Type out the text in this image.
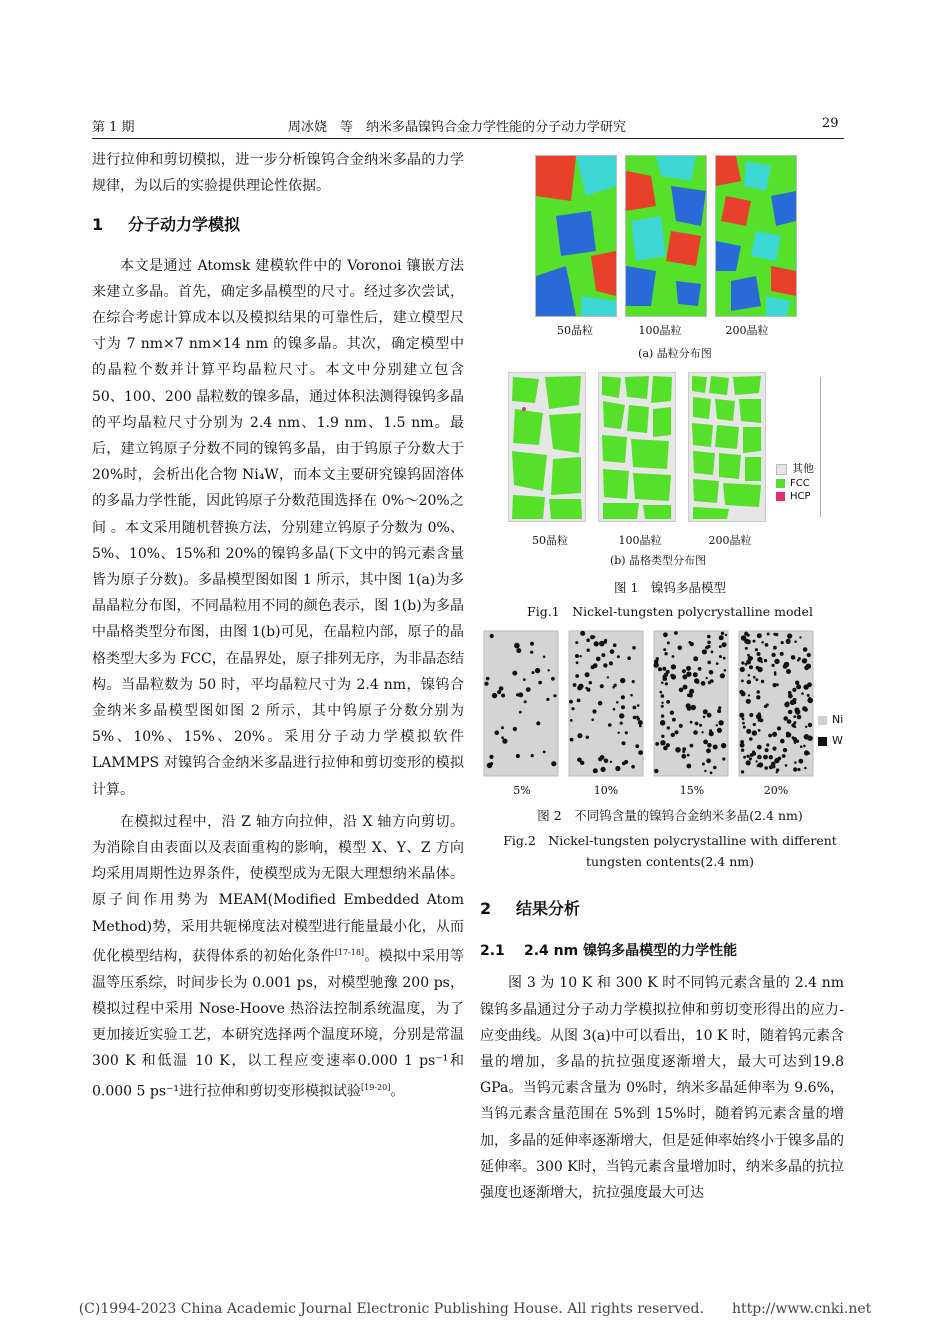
第 1 期	周冰娆　等　纳米多晶镍钨合金力学性能的分子动力学研究	29

进行拉伸和剪切模拟，进一步分析镍钨合金纳米多晶的力学规律，为以后的实验提供理论性依据。

1 分子动力学模拟

本文是通过 Atomsk 建模软件中的 Voronoi 镶嵌方法来建立多晶。首先，确定多晶模型的尺寸。经过多次尝试，在综合考虑计算成本以及模拟结果的可靠性后，建立模型尺寸为 7 nm×7 nm×14 nm 的镍多晶。其次，确定模型中的晶粒个数并计算平均晶粒尺寸。本文中分别建立包含 50、100、200 晶粒数的镍多晶，通过体积法测得镍钨多晶的平均晶粒尺寸分别为 2.4 nm、1.9 nm、1.5 nm。最后，建立钨原子分数不同的镍钨多晶，由于钨原子分数大于 20%时，会析出化合物 Ni₄W，而本文主要研究镍钨固溶体的多晶力学性能，因此钨原子分数范围选择在 0%～20%之间 。本文采用随机替换方法，分别建立钨原子分数为 0%、5%、10%、15%和 20%的镍钨多晶(下文中的钨元素含量皆为原子分数)。多晶模型图如图 1 所示，其中图 1(a)为多晶晶粒分布图，不同晶粒用不同的颜色表示，图 1(b)为多晶中晶格类型分布图，由图 1(b)可见，在晶粒内部，原子的晶格类型大多为 FCC，在晶界处，原子排列无序，为非晶态结构。当晶粒数为 50 时，平均晶粒尺寸为 2.4 nm，镍钨合金纳米多晶模型图如图 2 所示，其中钨原子分数分别为 5%、10%、15%、20%。采用分子动力学模拟软件 LAMMPS 对镍钨合金纳米多晶进行拉伸和剪切变形的模拟计算。

在模拟过程中，沿 Z 轴方向拉伸，沿 X 轴方向剪切。为消除自由表面以及表面重构的影响，模型 X、Y、Z 方向均采用周期性边界条件，使模型成为无限大理想纳米晶体。原子间作用势为 MEAM(Modified Embedded Atom Method)势，采用共轭梯度法对模型进行能量最小化，从而优化模型结构，获得体系的初始化条件[17-18]。模拟中采用等温等压系综，时间步长为 0.001 ps，对模型驰豫 200 ps，模拟过程中采用 Nose-Hoove 热浴法控制系统温度，为了更加接近实验工艺，本研究选择两个温度环境，分别是常温 300 K 和低温 10 K，以工程应变速率0.000 1 ps⁻¹和 0.000 5 ps⁻¹进行拉伸和剪切变形模拟试验[19-20]。

50晶粒	100晶粒	200晶粒
(a) 晶粒分布图
其他
FCC
HCP
50晶粒	100晶粒	200晶粒
(b) 晶格类型分布图
图 1　镍钨多晶模型
Fig.1　Nickel-tungsten polycrystalline model
Ni
W
5%	10%	15%	20%
图 2　不同钨含量的镍钨合金纳米多晶(2.4 nm)
Fig.2　Nickel-tungsten polycrystalline with different
tungsten contents(2.4 nm)
2 结果分析
2.1 2.4 nm 镍钨多晶模型的力学性能

图 3 为 10 K 和 300 K 时不同钨元素含量的 2.4 nm 镍钨多晶通过分子动力学模拟拉伸和剪切变形得出的应力-应变曲线。从图 3(a)中可以看出，10 K 时，随着钨元素含量的增加，多晶的抗拉强度逐渐增大，最大可达到19.8 GPa。当钨元素含量为 0%时，纳米多晶延伸率为 9.6%，当钨元素含量范围在 5%到 15%时，随着钨元素含量的增加，多晶的延伸率逐渐增大，但是延伸率始终小于镍多晶的延伸率。300 K时，当钨元素含量增加时，纳米多晶的抗拉强度也逐渐增大，抗拉强度最大可达

(C)1994-2023 China Academic Journal Electronic Publishing House. All rights reserved.　　http://www.cnki.net
